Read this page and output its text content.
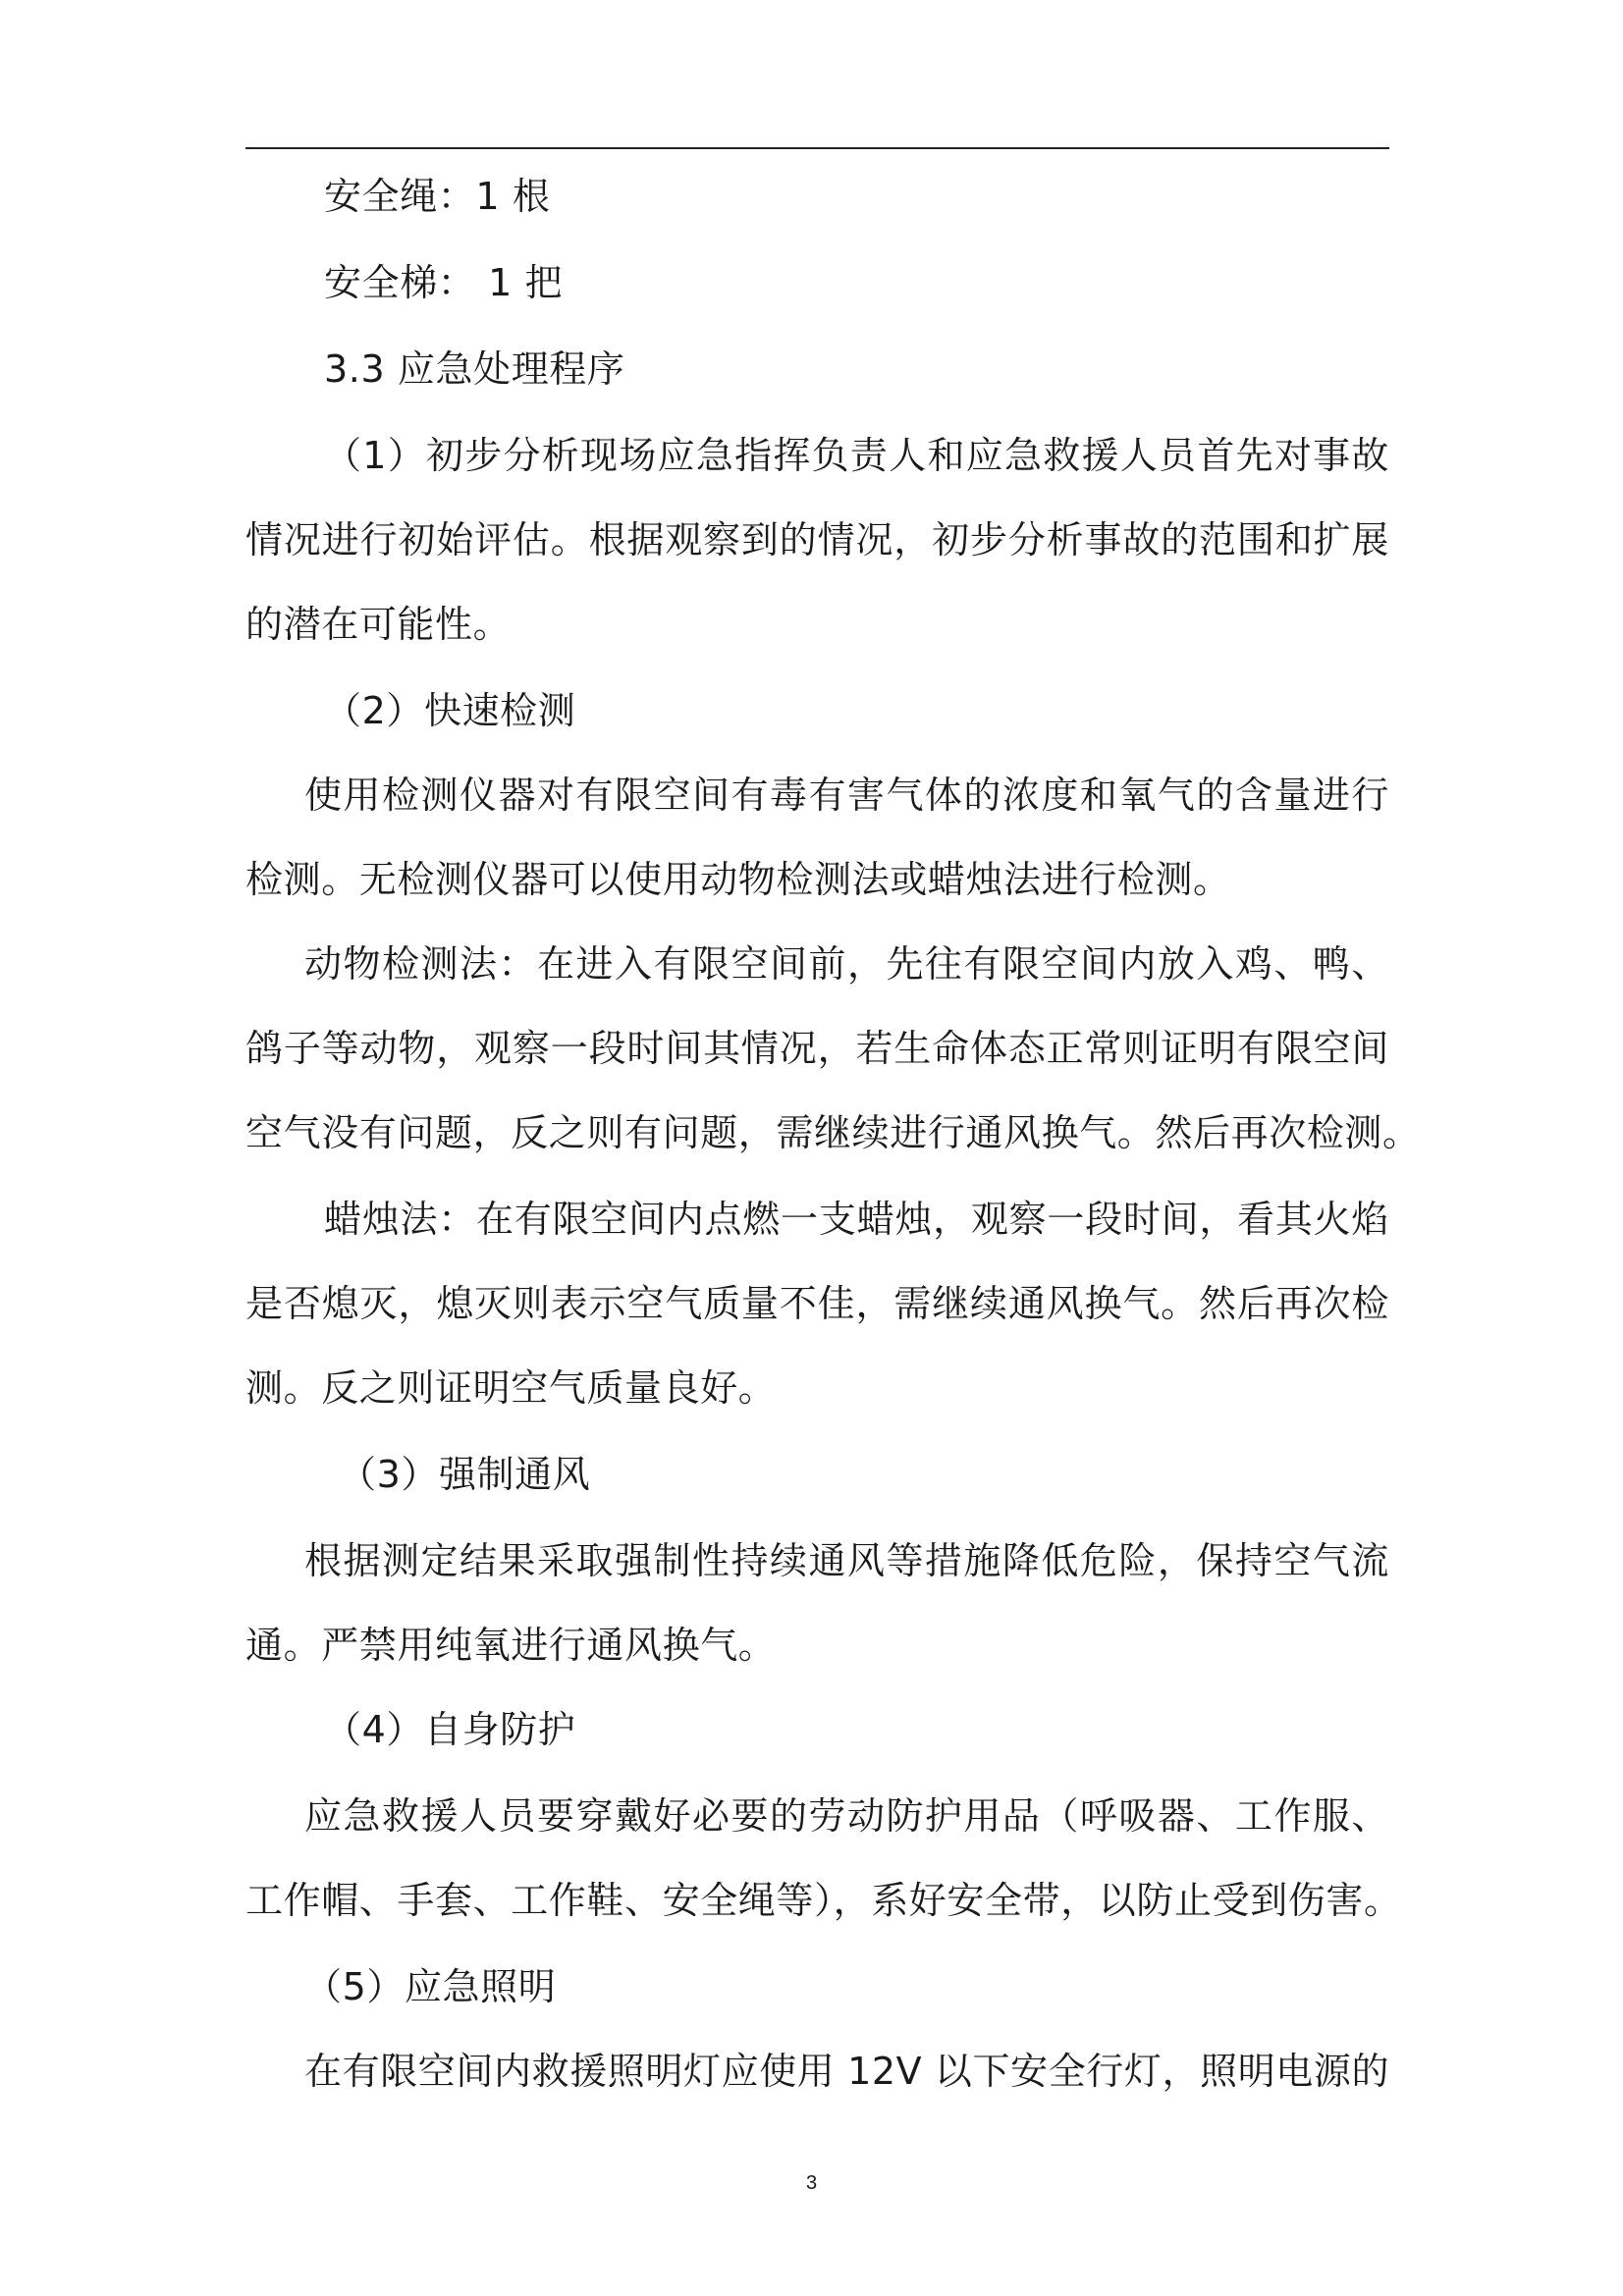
安全绳：1 根
安全梯： 1 把
3.3 应急处理程序
（1）初步分析现场应急指挥负责人和应急救援人员首先对事故
情况进行初始评估。根据观察到的情况，初步分析事故的范围和扩展
的潜在可能性。
（2）快速检测
使用检测仪器对有限空间有毒有害气体的浓度和氧气的含量进行
检测。无检测仪器可以使用动物检测法或蜡烛法进行检测。
动物检测法：在进入有限空间前，先往有限空间内放入鸡、鸭、
鸽子等动物，观察一段时间其情况，若生命体态正常则证明有限空间
空气没有问题，反之则有问题，需继续进行通风换气。然后再次检测。
蜡烛法：在有限空间内点燃一支蜡烛，观察一段时间，看其火焰
是否熄灭，熄灭则表示空气质量不佳，需继续通风换气。然后再次检
测。反之则证明空气质量良好。
（3）强制通风
根据测定结果采取强制性持续通风等措施降低危险，保持空气流
通。严禁用纯氧进行通风换气。
（4）自身防护
应急救援人员要穿戴好必要的劳动防护用品（呼吸器、工作服、
工作帽、手套、工作鞋、安全绳等），系好安全带，以防止受到伤害。
（5）应急照明
在有限空间内救援照明灯应使用 12V 以下安全行灯，照明电源的
3
